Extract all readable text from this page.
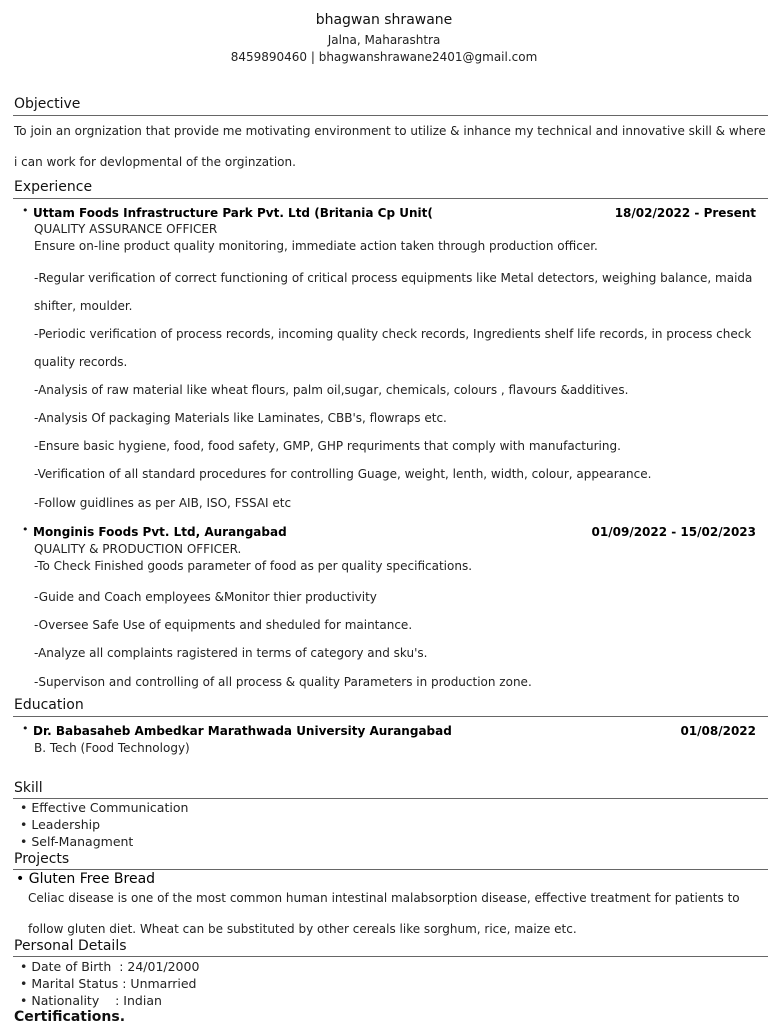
bhagwan shrawane
Jalna, Maharashtra
8459890460 | bhagwanshrawane2401@gmail.com
Objective
To join an orgnization that provide me motivating environment to utilize & inhance my technical and innovative skill & where
i can work for devlopmental of the orginzation.
Experience
• Uttam Foods Infrastructure Park Pvt. Ltd (Britania Cp Unit(	18/02/2022 - Present
QUALITY ASSURANCE OFFICER
Ensure on-line product quality monitoring, immediate action taken through production officer.
-Regular verification of correct functioning of critical process equipments like Metal detectors, weighing balance, maida
shifter, moulder.
-Periodic verification of process records, incoming quality check records, Ingredients shelf life records, in process check
quality records.
-Analysis of raw material like wheat flours, palm oil,sugar, chemicals, colours , flavours &additives.
-Analysis Of packaging Materials like Laminates, CBB's, flowraps etc.
-Ensure basic hygiene, food, food safety, GMP, GHP requriments that comply with manufacturing.
-Verification of all standard procedures for controlling Guage, weight, lenth, width, colour, appearance.
-Follow guidlines as per AIB, ISO, FSSAI etc
• Monginis Foods Pvt. Ltd, Aurangabad	01/09/2022 - 15/02/2023
QUALITY & PRODUCTION OFFICER.
-To Check Finished goods parameter of food as per quality specifications.
-Guide and Coach employees &Monitor thier productivity
-Oversee Safe Use of equipments and sheduled for maintance.
-Analyze all complaints ragistered in terms of category and sku's.
-Supervison and controlling of all process & quality Parameters in production zone.
Education
• Dr. Babasaheb Ambedkar Marathwada University Aurangabad	01/08/2022
B. Tech (Food Technology)
Skill
• Effective Communication
• Leadership
• Self-Managment
Projects
• Gluten Free Bread
Celiac disease is one of the most common human intestinal malabsorption disease, effective treatment for patients to
follow gluten diet. Wheat can be substituted by other cereals like sorghum, rice, maize etc.
Personal Details
• Date of Birth  : 24/01/2000
• Marital Status : Unmarried
• Nationality    : Indian
Certifications.
